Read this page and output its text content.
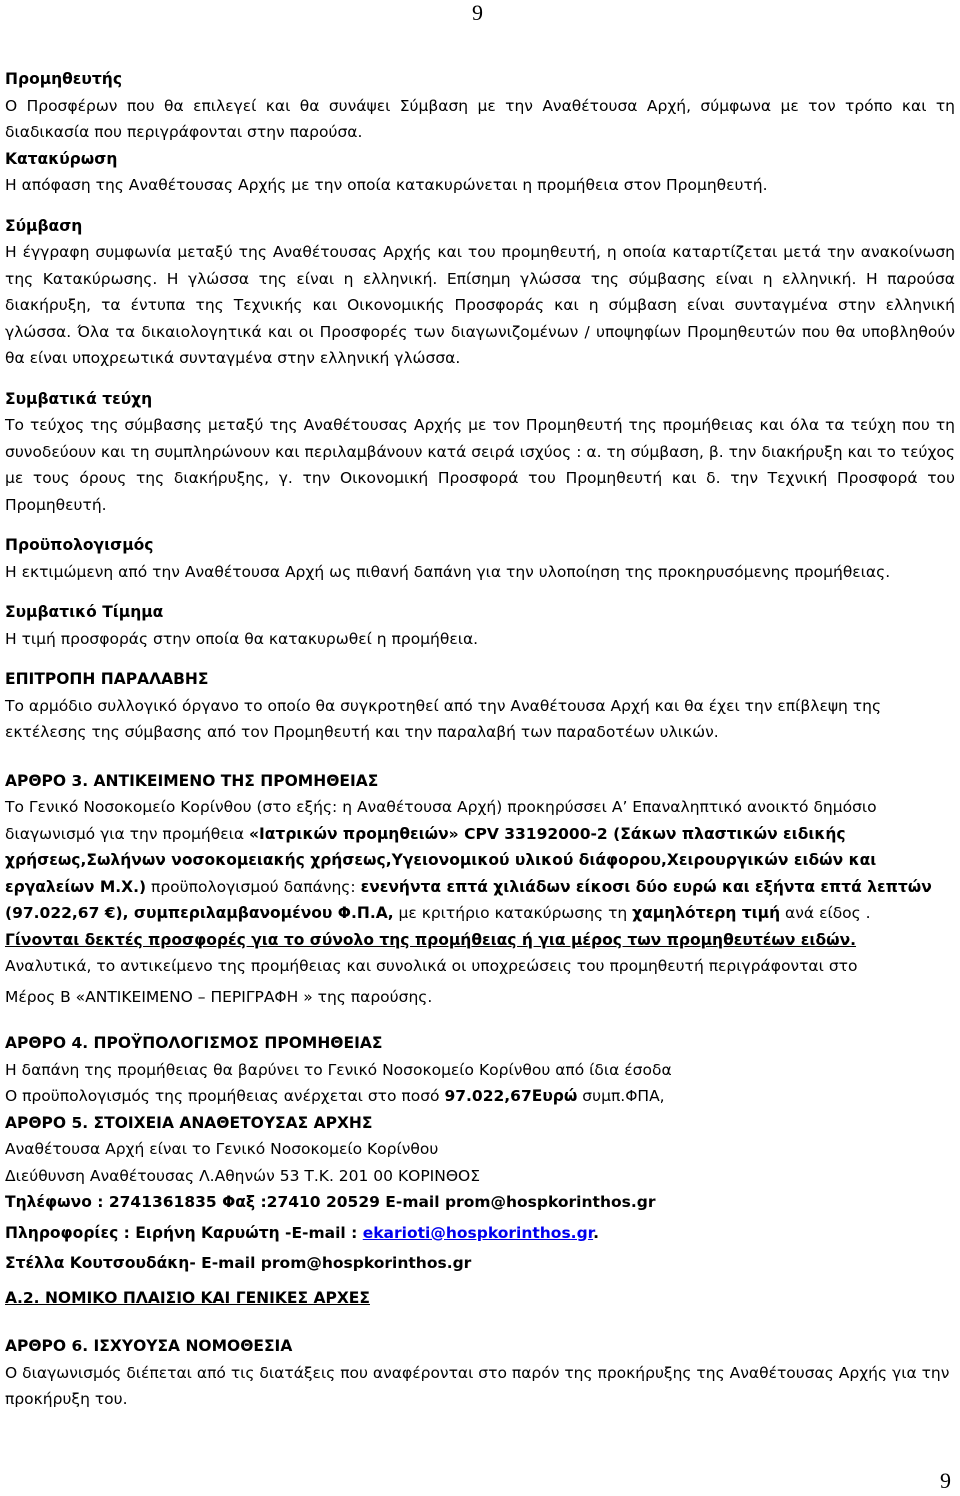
9

Προμηθευτής

Ο Προσφέρων που θα επιλεγεί και θα συνάψει Σύμβαση με την Αναθέτουσα Αρχή, σύμφωνα με τον τρόπο και τη διαδικασία που περιγράφονται στην παρούσα.

Κατακύρωση

Η απόφαση της Αναθέτουσας Αρχής με την οποία κατακυρώνεται η προμήθεια στον Προμηθευτή.

Σύμβαση

Η έγγραφη συμφωνία μεταξύ της Αναθέτουσας Αρχής και του προμηθευτή, η οποία καταρτίζεται μετά την ανακοίνωση της Κατακύρωσης. Η γλώσσα της είναι η ελληνική. Επίσημη γλώσσα της σύμβασης είναι η ελληνική. Η παρούσα διακήρυξη, τα έντυπα της Τεχνικής και Οικονομικής Προσφοράς και η σύμβαση είναι συνταγμένα στην ελληνική γλώσσα. Όλα τα δικαιολογητικά και οι Προσφορές των διαγωνιζομένων / υποψηφίων Προμηθευτών που θα υποβληθούν θα είναι υποχρεωτικά συνταγμένα στην ελληνική γλώσσα.

Συμβατικά τεύχη

Το τεύχος της σύμβασης μεταξύ της Αναθέτουσας Αρχής με τον Προμηθευτή της προμήθειας και όλα τα τεύχη που τη συνοδεύουν και τη συμπληρώνουν και περιλαμβάνουν κατά σειρά ισχύος : α. τη σύμβαση, β. την διακήρυξη και το τεύχος με τους όρους της διακήρυξης, γ. την Οικονομική Προσφορά του Προμηθευτή και δ. την Τεχνική Προσφορά του Προμηθευτή.

Προϋπολογισμός

Η εκτιμώμενη από την Αναθέτουσα Αρχή ως πιθανή δαπάνη για την υλοποίηση της προκηρυσόμενης προμήθειας.

Συμβατικό Τίμημα

Η τιμή προσφοράς στην οποία θα κατακυρωθεί η προμήθεια.

ΕΠΙΤΡΟΠΗ ΠΑΡΑΛΑΒΗΣ

Το αρμόδιο συλλογικό όργανο το οποίο θα συγκροτηθεί από την Αναθέτουσα Αρχή και θα έχει την επίβλεψη της εκτέλεσης της σύμβασης από τον Προμηθευτή και την παραλαβή των παραδοτέων υλικών.

ΑΡΘΡΟ 3. ΑΝΤΙΚΕΙΜΕΝΟ ΤΗΣ ΠΡΟΜΗΘΕΙΑΣ

Το Γενικό Νοσοκομείο Κορίνθου (στο εξής: η Αναθέτουσα Αρχή) προκηρύσσει Α’ Επαναληπτικό ανοικτό δημόσιο διαγωνισμό για την προμήθεια «Ιατρικών προμηθειών» CPV 33192000-2 (Σάκων πλαστικών ειδικής χρήσεως,Σωλήνων νοσοκομειακής χρήσεως,Υγειονομικού υλικού διάφορου,Χειρουργικών ειδών και εργαλείων Μ.Χ.) προϋπολογισμού δαπάνης: ενενήντα επτά χιλιάδων είκοσι δύο ευρώ και εξήντα επτά λεπτών (97.022,67 €), συμπεριλαμβανομένου Φ.Π.Α, με κριτήριο κατακύρωσης τη χαμηλότερη τιμή ανά είδος .

Γίνονται δεκτές προσφορές για το σύνολο της προμήθειας ή για μέρος των προμηθευτέων ειδών.

Αναλυτικά, το αντικείμενο της προμήθειας και συνολικά οι υποχρεώσεις του προμηθευτή περιγράφονται στο

Μέρος Β «ΑΝΤΙΚΕΙΜΕΝΟ – ΠΕΡΙΓΡΑΦΗ » της παρούσης.

ΑΡΘΡΟ 4. ΠΡΟΫΠΟΛΟΓΙΣΜΟΣ ΠΡΟΜΗΘΕΙΑΣ

Η δαπάνη της προμήθειας θα βαρύνει το Γενικό Νοσοκομείο Κορίνθου από ίδια έσοδα

Ο προϋπολογισμός της προμήθειας ανέρχεται στο ποσό 97.022,67Ευρώ συμπ.ΦΠΑ,

ΑΡΘΡΟ 5. ΣΤΟΙΧΕΙΑ ΑΝΑΘΕΤΟΥΣΑΣ ΑΡΧΗΣ

Αναθέτουσα Αρχή είναι το Γενικό Νοσοκομείο Κορίνθου

Διεύθυνση Αναθέτουσας Λ.Αθηνών 53 Τ.Κ. 201 00 ΚΟΡΙΝΘΟΣ

Τηλέφωνο : 2741361835 Φαξ :27410 20529 E-mail prom@hospkorinthos.gr

Πληροφορίες : Ειρήνη Καρυώτη -E-mail : ekarioti@hospkorinthos.gr.

Στέλλα Κουτσουδάκη- E-mail prom@hospkorinthos.gr

Α.2. ΝΟΜΙΚΟ ΠΛΑΙΣΙΟ ΚΑΙ ΓΕΝΙΚΕΣ ΑΡΧΕΣ

ΑΡΘΡΟ 6. ΙΣΧΥΟΥΣΑ ΝΟΜΟΘΕΣΙΑ

Ο διαγωνισμός διέπεται από τις διατάξεις που αναφέρονται στο παρόν της προκήρυξης της Αναθέτουσας Αρχής για την προκήρυξη του.

9
